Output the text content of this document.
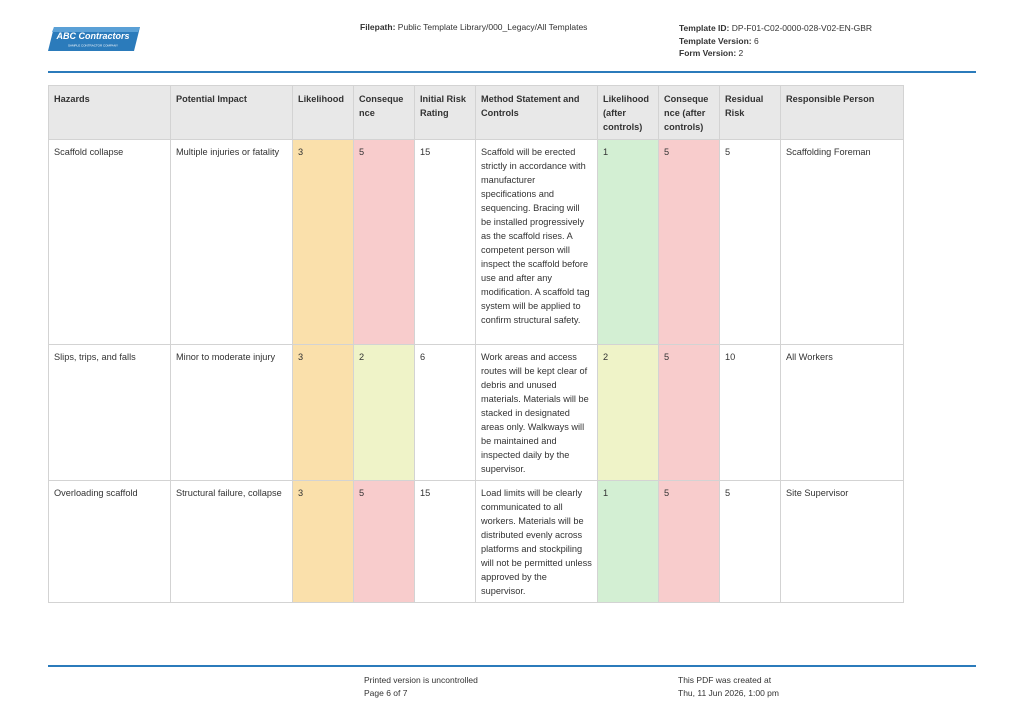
ABC Contractors
SAMPLE CONTRACTOR COMPANY
Filepath: Public Template Library/000_Legacy/All Templates	Template ID: DP-F01-C02-0000-028-V02-EN-GBR
Template Version: 6
Form Version: 2
Hazards	Potential Impact	Likelihood	Consequence	Initial Risk Rating	Method Statement and Controls	Likelihood (after controls)	Consequence (after controls)	Residual Risk	Responsible Person
Scaffold collapse	Multiple injuries or fatality	3	5	15	Scaffold will be erected strictly in accordance with manufacturer specifications and sequencing. Bracing will be installed progressively as the scaffold rises. A competent person will inspect the scaffold before use and after any modification. A scaffold tag system will be applied to confirm structural safety.	1	5	5	Scaffolding Foreman
Slips, trips, and falls	Minor to moderate injury	3	2	6	Work areas and access routes will be kept clear of debris and unused materials. Materials will be stacked in designated areas only. Walkways will be maintained and inspected daily by the supervisor.	2	5	10	All Workers
Overloading scaffold	Structural failure, collapse	3	5	15	Load limits will be clearly communicated to all workers. Materials will be distributed evenly across platforms and stockpiling will not be permitted unless approved by the supervisor.	1	5	5	Site Supervisor
Printed version is uncontrolled
Page 6 of 7
This PDF was created at
Thu, 11 Jun 2026, 1:00 pm
